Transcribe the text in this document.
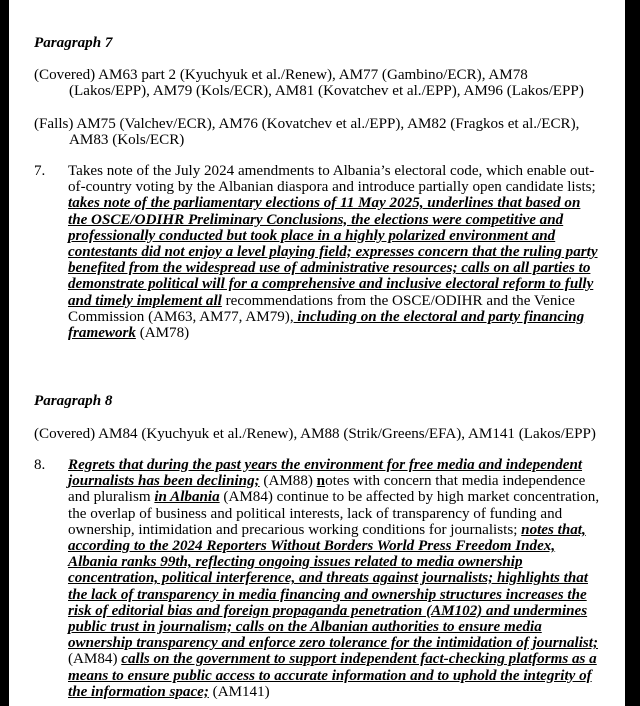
Paragraph 7
(Covered) AM63 part 2 (Kyuchyuk et al./Renew), AM77 (Gambino/ECR), AM78
(Lakos/EPP), AM79 (Kols/ECR), AM81 (Kovatchev et al./EPP), AM96 (Lakos/EPP)
(Falls) AM75 (Valchev/ECR), AM76 (Kovatchev et al./EPP), AM82 (Fragkos et al./ECR),
AM83 (Kols/ECR)
7. Takes note of the July 2024 amendments to Albania’s electoral code, which enable out-
of-country voting by the Albanian diaspora and introduce partially open candidate lists;
takes note of the parliamentary elections of 11 May 2025, underlines that based on
the OSCE/ODIHR Preliminary Conclusions, the elections were competitive and
professionally conducted but took place in a highly polarized environment and
contestants did not enjoy a level playing field; expresses concern that the ruling party
benefited from the widespread use of administrative resources; calls on all parties to
demonstrate political will for a comprehensive and inclusive electoral reform to fully
and timely implement all recommendations from the OSCE/ODIHR and the Venice
Commission (AM63, AM77, AM79), including on the electoral and party financing
framework (AM78)
Paragraph 8
(Covered) AM84 (Kyuchyuk et al./Renew), AM88 (Strik/Greens/EFA), AM141 (Lakos/EPP)
8. Regrets that during the past years the environment for free media and independent
journalists has been declining; (AM88) notes with concern that media independence
and pluralism in Albania (AM84) continue to be affected by high market concentration,
the overlap of business and political interests, lack of transparency of funding and
ownership, intimidation and precarious working conditions for journalists; notes that,
according to the 2024 Reporters Without Borders World Press Freedom Index,
Albania ranks 99th, reflecting ongoing issues related to media ownership
concentration, political interference, and threats against journalists; highlights that
the lack of transparency in media financing and ownership structures increases the
risk of editorial bias and foreign propaganda penetration (AM102) and undermines
public trust in journalism; calls on the Albanian authorities to ensure media
ownership transparency and enforce zero tolerance for the intimidation of journalist;
(AM84) calls on the government to support independent fact-checking platforms as a
means to ensure public access to accurate information and to uphold the integrity of
the information space; (AM141)
